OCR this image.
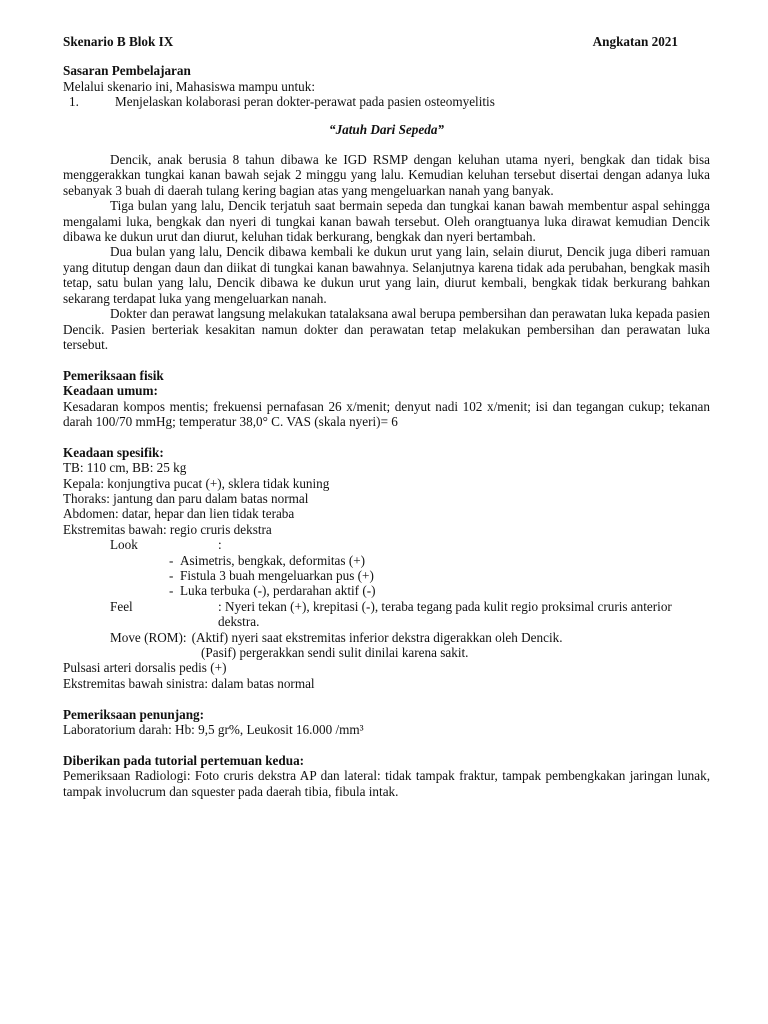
Skenario B Blok IX	Angkatan 2021
Sasaran Pembelajaran
Melalui skenario ini, Mahasiswa mampu untuk:
1.	Menjelaskan kolaborasi peran dokter-perawat pada pasien osteomyelitis
“Jatuh Dari Sepeda”

Dencik, anak berusia 8 tahun dibawa ke IGD RSMP dengan keluhan utama nyeri, bengkak dan tidak bisa menggerakkan tungkai kanan bawah sejak 2 minggu yang lalu. Kemudian keluhan tersebut disertai dengan adanya luka sebanyak 3 buah di daerah tulang kering bagian atas yang mengeluarkan nanah yang banyak.

Tiga bulan yang lalu, Dencik terjatuh saat bermain sepeda dan tungkai kanan bawah membentur aspal sehingga mengalami luka, bengkak dan nyeri di tungkai kanan bawah tersebut. Oleh orangtuanya luka dirawat kemudian Dencik dibawa ke dukun urut dan diurut, keluhan tidak berkurang, bengkak dan nyeri bertambah.

Dua bulan yang lalu, Dencik dibawa kembali ke dukun urut yang lain, selain diurut, Dencik juga diberi ramuan yang ditutup dengan daun dan diikat di tungkai kanan bawahnya. Selanjutnya karena tidak ada perubahan, bengkak masih tetap, satu bulan yang lalu, Dencik dibawa ke dukun urut yang lain, diurut kembali, bengkak tidak berkurang bahkan sekarang terdapat luka yang mengeluarkan nanah.

Dokter dan perawat langsung melakukan tatalaksana awal berupa pembersihan dan perawatan luka kepada pasien Dencik. Pasien berteriak kesakitan namun dokter dan perawatan tetap melakukan pembersihan dan perawatan luka tersebut.

Pemeriksaan fisik
Keadaan umum:
Kesadaran kompos mentis; frekuensi pernafasan 26 x/menit; denyut nadi 102 x/menit; isi dan tegangan cukup; tekanan darah 100/70 mmHg; temperatur 38,0° C. VAS (skala nyeri)= 6
Keadaan spesifik:
TB: 110 cm, BB: 25 kg
Kepala: konjungtiva pucat (+), sklera tidak kuning
Thoraks: jantung dan paru dalam batas normal
Abdomen: datar, hepar dan lien tidak teraba
Ekstremitas bawah: regio cruris dekstra
Look	:
- Asimetris, bengkak, deformitas (+)
- Fistula 3 buah mengeluarkan pus (+)
- Luka terbuka (-), perdarahan aktif (-)
Feel	: Nyeri tekan (+), krepitasi (-), teraba tegang pada kulit regio proksimal cruris anterior dekstra.
Move (ROM): (Aktif) nyeri saat ekstremitas inferior dekstra digerakkan oleh Dencik.
(Pasif) pergerakkan sendi sulit dinilai karena sakit.
Pulsasi arteri dorsalis pedis (+)
Ekstremitas bawah sinistra: dalam batas normal
Pemeriksaan penunjang:
Laboratorium darah: Hb: 9,5 gr%, Leukosit 16.000 /mm³
Diberikan pada tutorial pertemuan kedua:
Pemeriksaan Radiologi: Foto cruris dekstra AP dan lateral: tidak tampak fraktur, tampak pembengkakan jaringan lunak, tampak involucrum dan squester pada daerah tibia, fibula intak.
